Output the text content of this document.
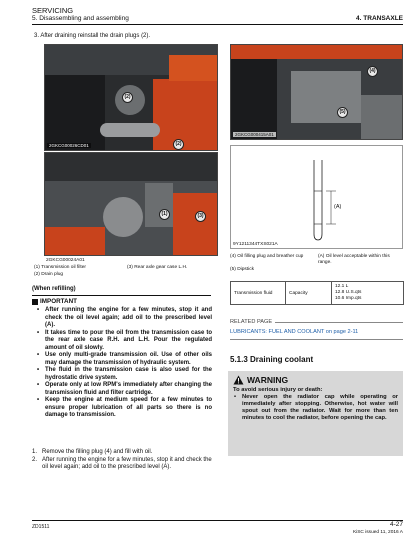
SERVICING
5. Disassembling and assembling	4. TRANSAXLE
3. After draining reinstall the drain plugs (2).
(2)
(2)
2GKCG00026CD01
(1)	(3)
2GKCG00024A01
(4)
(5)
2GKCG000415A01
(A)
9Y1211344TXS021A
(1) Transmission oil filter
(2) Drain plug
(3) Rear axle gear case L.H.
(4) Oil filling plug and breather cup
(5) Dipstick
(A) Oil level acceptable within this range.
(When refilling)
IMPORTANT
• After running the engine for a few minutes, stop it and check the oil level again; add oil to the prescribed level (A).
• It takes time to pour the oil from the transmission case to the rear axle case R.H. and L.H. Pour the regulated amount of oil slowly.
• Use only multi-grade transmission oil. Use of other oils may damage the transmission of hydraulic system.
• The fluid in the transmission case is also used for the hydrostatic drive system.
• Operate only at low RPM's immediately after changing the transmission fluid and filter cartridge.
• Keep the engine at medium speed for a few minutes to ensure proper lubrication of all parts so there is no damage to transmission.
1. Remove the filling plug (4) and fill with oil.
2. After running the engine for a few minutes, stop it and check the oil level again; add oil to the prescribed level (A).
Transmission fluid	Capacity	
12.1 L
12.8 U.S.qts
10.6 Imp.qts
RELATED PAGE
LUBRICANTS: FUEL AND COOLANT on page 2-11
5.1.3 Draining coolant
WARNING
To avoid serious injury or death:
• Never open the radiator cap while operating or immediately after stopping. Otherwise, hot water will spout out from the radiator. Wait for more than ten minutes to cool the radiator, before opening the cap.
ZD1511	4-27
KiSC issued 11, 2016 A
